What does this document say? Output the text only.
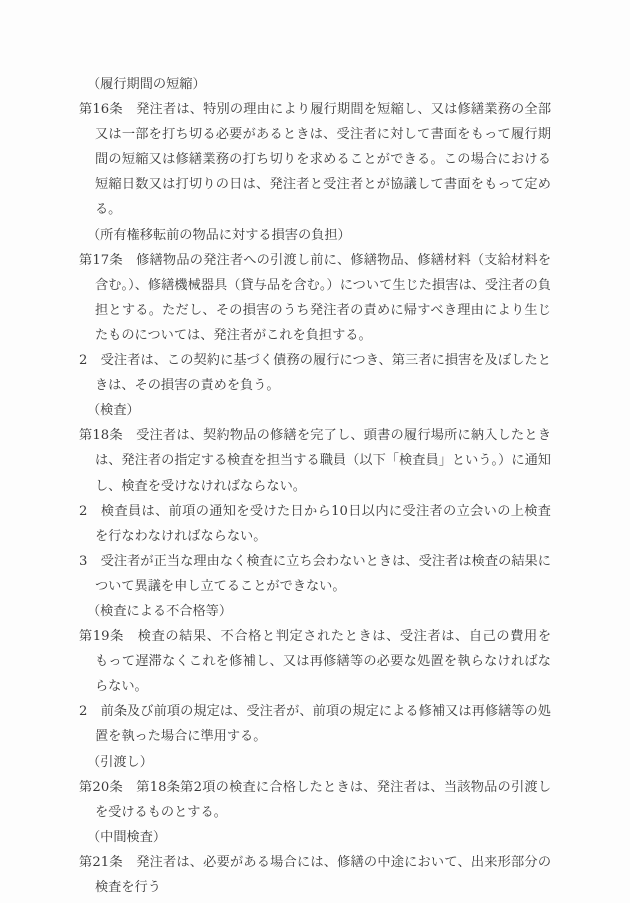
（履行期間の短縮）

第16条 発注者は、特別の理由により履行期間を短縮し、又は修繕業務の全部又は一部を打ち切る必要があるときは、受注者に対して書面をもって履行期間の短縮又は修繕業務の打ち切りを求めることができる。この場合における短縮日数又は打切りの日は、発注者と受注者とが協議して書面をもって定める。

（所有権移転前の物品に対する損害の負担）

第17条 修繕物品の発注者への引渡し前に、修繕物品、修繕材料（支給材料を含む。）、修繕機械器具（貸与品を含む。）について生じた損害は、受注者の負担とする。ただし、その損害のうち発注者の責めに帰すべき理由により生じたものについては、発注者がこれを負担する。

2 受注者は、この契約に基づく債務の履行につき、第三者に損害を及ぼしたときは、その損害の責めを負う。

（検査）

第18条 受注者は、契約物品の修繕を完了し、頭書の履行場所に納入したときは、発注者の指定する検査を担当する職員（以下「検査員」という。）に通知し、検査を受けなければならない。

2 検査員は、前項の通知を受けた日から10日以内に受注者の立会いの上検査を行なわなければならない。

3 受注者が正当な理由なく検査に立ち会わないときは、受注者は検査の結果について異議を申し立てることができない。

（検査による不合格等）

第19条 検査の結果、不合格と判定されたときは、受注者は、自己の費用をもって遅滞なくこれを修補し、又は再修繕等の必要な処置を執らなければならない。

2 前条及び前項の規定は、受注者が、前項の規定による修補又は再修繕等の処置を執った場合に準用する。

（引渡し）

第20条 第18条第2項の検査に合格したときは、発注者は、当該物品の引渡しを受けるものとする。

（中間検査）

第21条 発注者は、必要がある場合には、修繕の中途において、出来形部分の検査を行う
